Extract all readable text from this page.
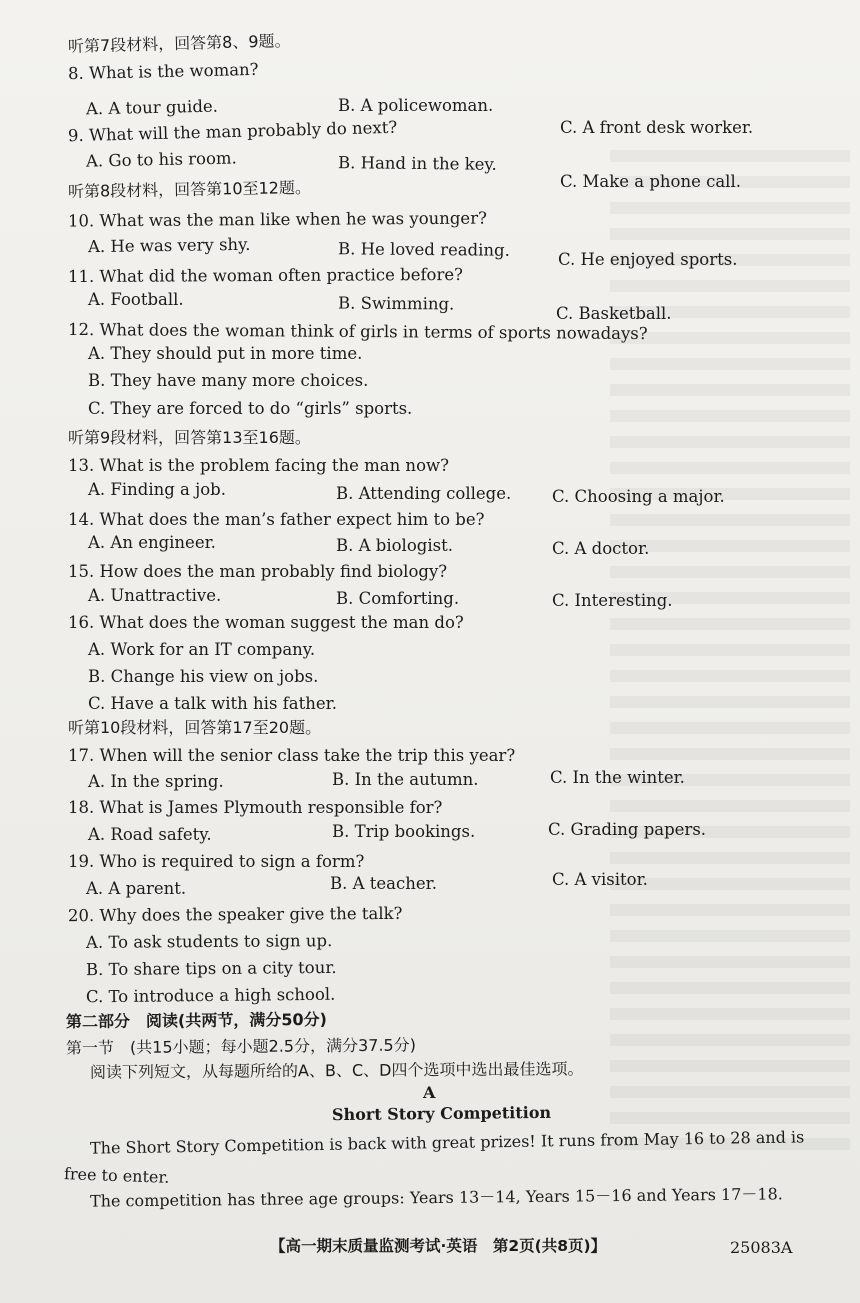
听第7段材料，回答第8、9题。
8. What is the woman?
A. A tour guide.	B. A policewoman.
C. A front desk worker.
9. What will the man probably do next?
A. Go to his room.	B. Hand in the key.
C. Make a phone call.
听第8段材料，回答第10至12题。
10. What was the man like when he was younger?
A. He was very shy.	B. He loved reading.	C. He enjoyed sports.
11. What did the woman often practice before?
A. Football.	B. Swimming.	C. Basketball.
12. What does the woman think of girls in terms of sports nowadays?
A. They should put in more time.
B. They have many more choices.
C. They are forced to do “girls” sports.
听第9段材料，回答第13至16题。
13. What is the problem facing the man now?
A. Finding a job.	B. Attending college. C. Choosing a major.
14. What does the man’s father expect him to be?
A. An engineer.	B. A biologist.	C. A doctor.
15. How does the man probably find biology?
A. Unattractive.	B. Comforting.	C. Interesting.
16. What does the woman suggest the man do?
A. Work for an IT company.
B. Change his view on jobs.
C. Have a talk with his father.
听第10段材料，回答第17至20题。
17. When will the senior class take the trip this year?
A. In the spring.	B. In the autumn.	C. In the winter.
18. What is James Plymouth responsible for?
A. Road safety.	B. Trip bookings.	C. Grading papers.
19. Who is required to sign a form?
A. A parent.	B. A teacher.	C. A visitor.
20. Why does the speaker give the talk?
A. To ask students to sign up.
B. To share tips on a city tour.
C. To introduce a high school.
第二部分　阅读(共两节，满分50分)
第一节　(共15小题；每小题2.5分，满分37.5分)
阅读下列短文，从每题所给的A、B、C、D四个选项中选出最佳选项。
A
Short Story Competition
The Short Story Competition is back with great prizes! It runs from May 16 to 28 and is
free to enter.
The competition has three age groups: Years 13－14, Years 15－16 and Years 17－18.
【高一期末质量监测考试·英语　第2页(共8页)】	25083A
